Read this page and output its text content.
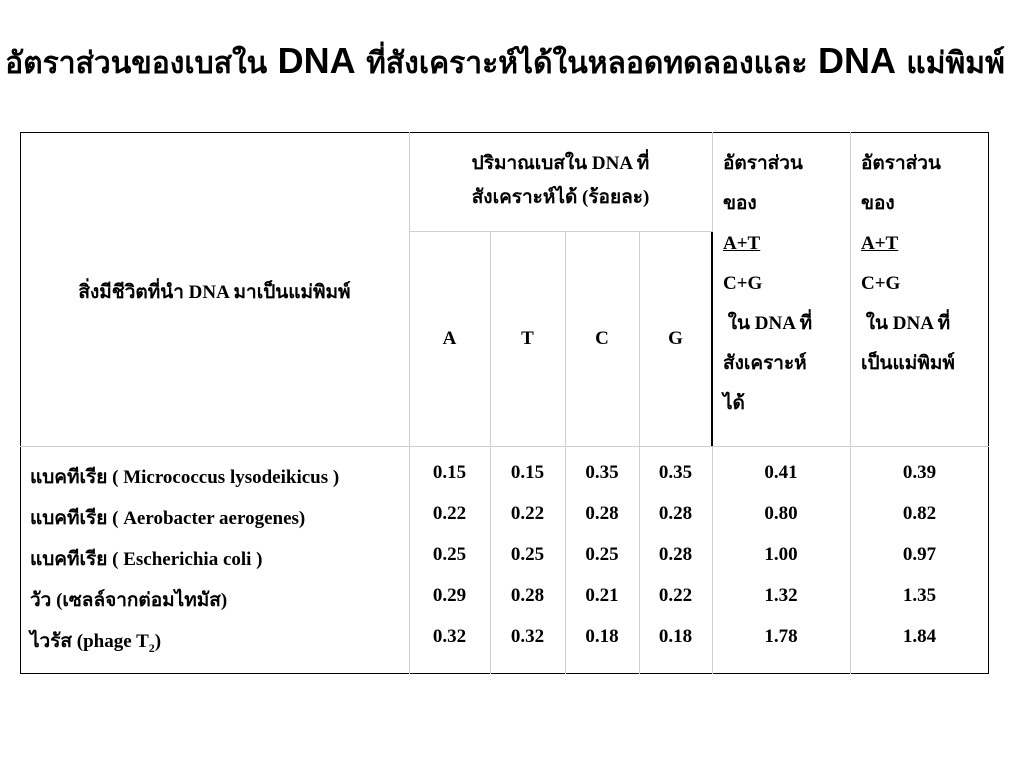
อัตราส่วนของเบสใน DNA ที่สังเคราะห์ได้ในหลอดทดลองและ DNA แม่พิมพ์
สิ่งมีชีวิตที่นำ DNA มาเป็นแม่พิมพ์
ปริมาณเบสใน DNA ที่
สังเคราะห์ได้ (ร้อยละ)
A	T	C	G
อัตราส่วน
ของ
A+T
C+G
ใน DNA ที่
สังเคราะห์
ได้
อัตราส่วน
ของ
A+T
C+G
ใน DNA ที่
เป็นแม่พิมพ์
แบคทีเรีย ( Micrococcus lysodeikicus )	0.15	0.15	0.35	0.35	0.41	0.39
แบคทีเรีย ( Aerobacter aerogenes)	0.22	0.22	0.28	0.28	0.80	0.82
แบคทีเรีย ( Escherichia coli )	0.25	0.25	0.25	0.28	1.00	0.97
วัว (เซลล์จากต่อมไทมัส)	0.29	0.28	0.21	0.22	1.32	1.35
ไวรัส (phage $T_2$)	0.32	0.32	0.18	0.18	1.78	1.84
